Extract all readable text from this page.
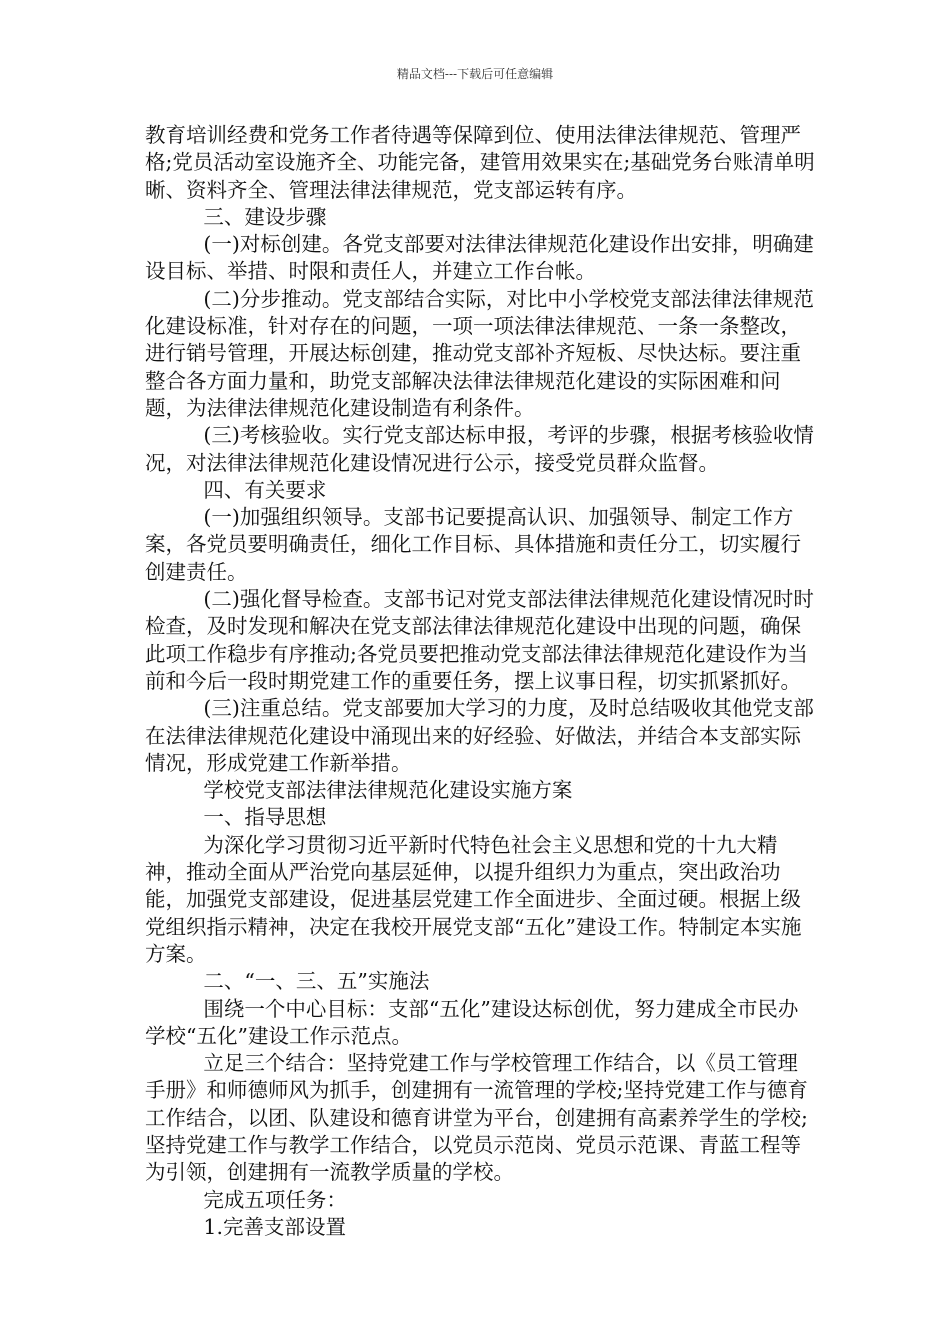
精品文档---下载后可任意编辑

教育培训经费和党务工作者待遇等保障到位、使用法律法律规范、管理严格;党员活动室设施齐全、功能完备，建管用效果实在;基础党务台账清单明晰、资料齐全、管理法律法律规范，党支部运转有序。

三、建设步骤

(一)对标创建。各党支部要对法律法律规范化建设作出安排，明确建设目标、举措、时限和责任人，并建立工作台帐。

(二)分步推动。党支部结合实际，对比中小学校党支部法律法律规范化建设标准，针对存在的问题，一项一项法律法律规范、一条一条整改，进行销号管理，开展达标创建，推动党支部补齐短板、尽快达标。要注重整合各方面力量和，助党支部解决法律法律规范化建设的实际困难和问题，为法律法律规范化建设制造有利条件。

(三)考核验收。实行党支部达标申报，考评的步骤，根据考核验收情况，对法律法律规范化建设情况进行公示，接受党员群众监督。

四、有关要求

(一)加强组织领导。支部书记要提高认识、加强领导、制定工作方案，各党员要明确责任，细化工作目标、具体措施和责任分工，切实履行创建责任。

(二)强化督导检查。支部书记对党支部法律法律规范化建设情况时时检查，及时发现和解决在党支部法律法律规范化建设中出现的问题，确保此项工作稳步有序推动;各党员要把推动党支部法律法律规范化建设作为当前和今后一段时期党建工作的重要任务，摆上议事日程，切实抓紧抓好。

(三)注重总结。党支部要加大学习的力度，及时总结吸收其他党支部在法律法律规范化建设中涌现出来的好经验、好做法，并结合本支部实际情况，形成党建工作新举措。

学校党支部法律法律规范化建设实施方案

一、指导思想

为深化学习贯彻习近平新时代特色社会主义思想和党的十九大精神，推动全面从严治党向基层延伸，以提升组织力为重点，突出政治功能，加强党支部建设，促进基层党建工作全面进步、全面过硬。根据上级党组织指示精神，决定在我校开展党支部“五化”建设工作。特制定本实施方案。

二、“一、三、五”实施法

围绕一个中心目标：支部“五化”建设达标创优，努力建成全市民办学校“五化”建设工作示范点。

立足三个结合：坚持党建工作与学校管理工作结合，以《员工管理手册》和师德师风为抓手，创建拥有一流管理的学校;坚持党建工作与德育工作结合，以团、队建设和德育讲堂为平台，创建拥有高素养学生的学校;坚持党建工作与教学工作结合，以党员示范岗、党员示范课、青蓝工程等为引领，创建拥有一流教学质量的学校。

完成五项任务：

1.完善支部设置
